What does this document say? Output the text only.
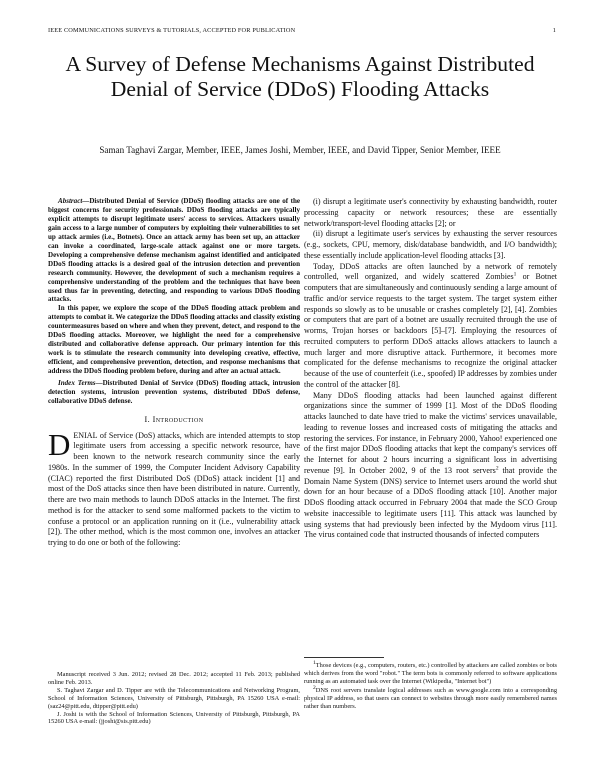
IEEE COMMUNICATIONS SURVEYS & TUTORIALS, ACCEPTED FOR PUBLICATION	1
A Survey of Defense Mechanisms Against Distributed Denial of Service (DDoS) Flooding Attacks
Saman Taghavi Zargar, Member, IEEE, James Joshi, Member, IEEE, and David Tipper, Senior Member, IEEE

Abstract—Distributed Denial of Service (DDoS) flooding attacks are one of the biggest concerns for security professionals. DDoS flooding attacks are typically explicit attempts to disrupt legitimate users' access to services. Attackers usually gain access to a large number of computers by exploiting their vulnerabilities to set up attack armies (i.e., Botnets). Once an attack army has been set up, an attacker can invoke a coordinated, large-scale attack against one or more targets. Developing a comprehensive defense mechanism against identified and anticipated DDoS flooding attacks is a desired goal of the intrusion detection and prevention research community. However, the development of such a mechanism requires a comprehensive understanding of the problem and the techniques that have been used thus far in preventing, detecting, and responding to various DDoS flooding attacks.

In this paper, we explore the scope of the DDoS flooding attack problem and attempts to combat it. We categorize the DDoS flooding attacks and classify existing countermeasures based on where and when they prevent, detect, and respond to the DDoS flooding attacks. Moreover, we highlight the need for a comprehensive distributed and collaborative defense approach. Our primary intention for this work is to stimulate the research community into developing creative, effective, efficient, and comprehensive prevention, detection, and response mechanisms that address the DDoS flooding problem before, during and after an actual attack.

Index Terms—Distributed Denial of Service (DDoS) flooding attack, intrusion detection systems, intrusion prevention systems, distributed DDoS defense, collaborative DDoS defense.

I. Introduction

DENIAL of Service (DoS) attacks, which are intended attempts to stop legitimate users from accessing a specific network resource, have been known to the network research community since the early 1980s. In the summer of 1999, the Computer Incident Advisory Capability (CIAC) reported the first Distributed DoS (DDoS) attack incident [1] and most of the DoS attacks since then have been distributed in nature. Currently, there are two main methods to launch DDoS attacks in the Internet. The first method is for the attacker to send some malformed packets to the victim to confuse a protocol or an application running on it (i.e., vulnerability attack [2]). The other method, which is the most common one, involves an attacker trying to do one or both of the following:

(i) disrupt a legitimate user's connectivity by exhausting bandwidth, router processing capacity or network resources; these are essentially network/transport-level flooding attacks [2]; or

(ii) disrupt a legitimate user's services by exhausting the server resources (e.g., sockets, CPU, memory, disk/database bandwidth, and I/O bandwidth); these essentially include application-level flooding attacks [3].

Today, DDoS attacks are often launched by a network of remotely controlled, well organized, and widely scattered Zombies$^1$ or Botnet computers that are simultaneously and continuously sending a large amount of traffic and/or service requests to the target system. The target system either responds so slowly as to be unusable or crashes completely [2], [4]. Zombies or computers that are part of a botnet are usually recruited through the use of worms, Trojan horses or backdoors [5]–[7]. Employing the resources of recruited computers to perform DDoS attacks allows attackers to launch a much larger and more disruptive attack. Furthermore, it becomes more complicated for the defense mechanisms to recognize the original attacker because of the use of counterfeit (i.e., spoofed) IP addresses by zombies under the control of the attacker [8].

Many DDoS flooding attacks had been launched against different organizations since the summer of 1999 [1]. Most of the DDoS flooding attacks launched to date have tried to make the victims' services unavailable, leading to revenue losses and increased costs of mitigating the attacks and restoring the services. For instance, in February 2000, Yahoo! experienced one of the first major DDoS flooding attacks that kept the company's services off the Internet for about 2 hours incurring a significant loss in advertising revenue [9]. In October 2002, 9 of the 13 root servers$^2$ that provide the Domain Name System (DNS) service to Internet users around the world shut down for an hour because of a DDoS flooding attack [10]. Another major DDoS flooding attack occurred in February 2004 that made the SCO Group website inaccessible to legitimate users [11]. This attack was launched by using systems that had previously been infected by the Mydoom virus [11]. The virus contained code that instructed thousands of infected computers

Manuscript received 3 Jun. 2012; revised 28 Dec. 2012; accepted 11 Feb. 2013; published online Feb. 2013.

S. Taghavi Zargar and D. Tipper are with the Telecommunications and Networking Program, School of Information Sciences, University of Pittsburgh, Pittsburgh, PA 15260 USA e-mail: (saz24@pitt.edu, dtipper@pitt.edu)

J. Joshi is with the School of Information Sciences, University of Pittsburgh, Pittsburgh, PA 15260 USA e-mail: (jjoshi@sis.pitt.edu)

$^1$Those devices (e.g., computers, routers, etc.) controlled by attackers are called zombies or bots which derives from the word "robot." The term bots is commonly referred to software applications running as an automated task over the Internet (Wikipedia, "Internet bot")

$^2$DNS root servers translate logical addresses such as www.google.com into a corresponding physical IP address, so that users can connect to websites through more easily remembered names rather than numbers.
